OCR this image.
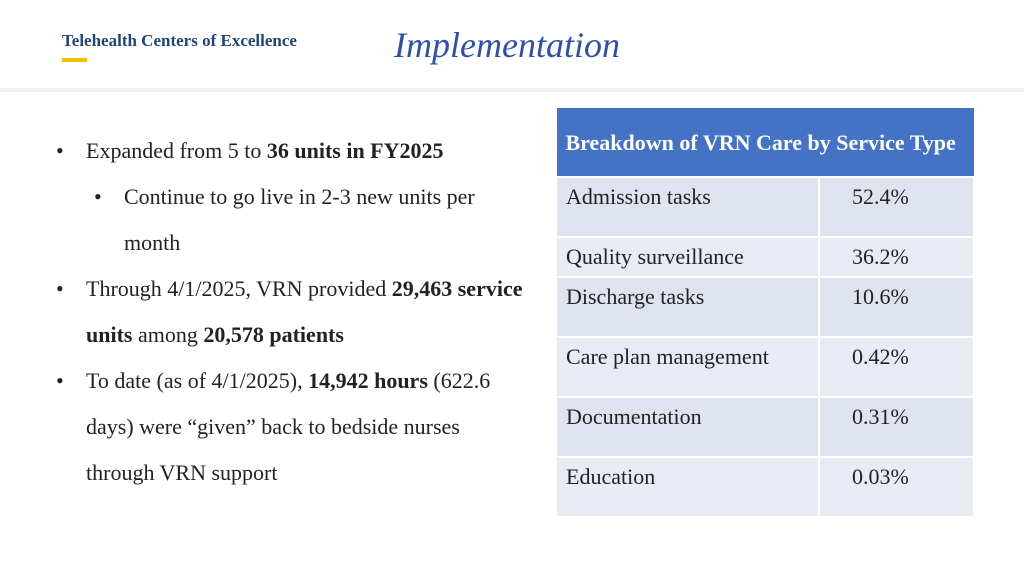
Telehealth Centers of Excellence	Implementation
• Expanded from 5 to 36 units in FY2025
• Continue to go live in 2-3 new units per month
• Through 4/1/2025, VRN provided 29,463 service units among 20,578 patients
• To date (as of 4/1/2025), 14,942 hours (622.6 days) were “given” back to bedside nurses through VRN support
Breakdown of VRN Care by Service Type	
Admission tasks	52.4%
Quality surveillance	36.2%
Discharge tasks	10.6%
Care plan management	0.42%
Documentation	0.31%
Education	0.03%
